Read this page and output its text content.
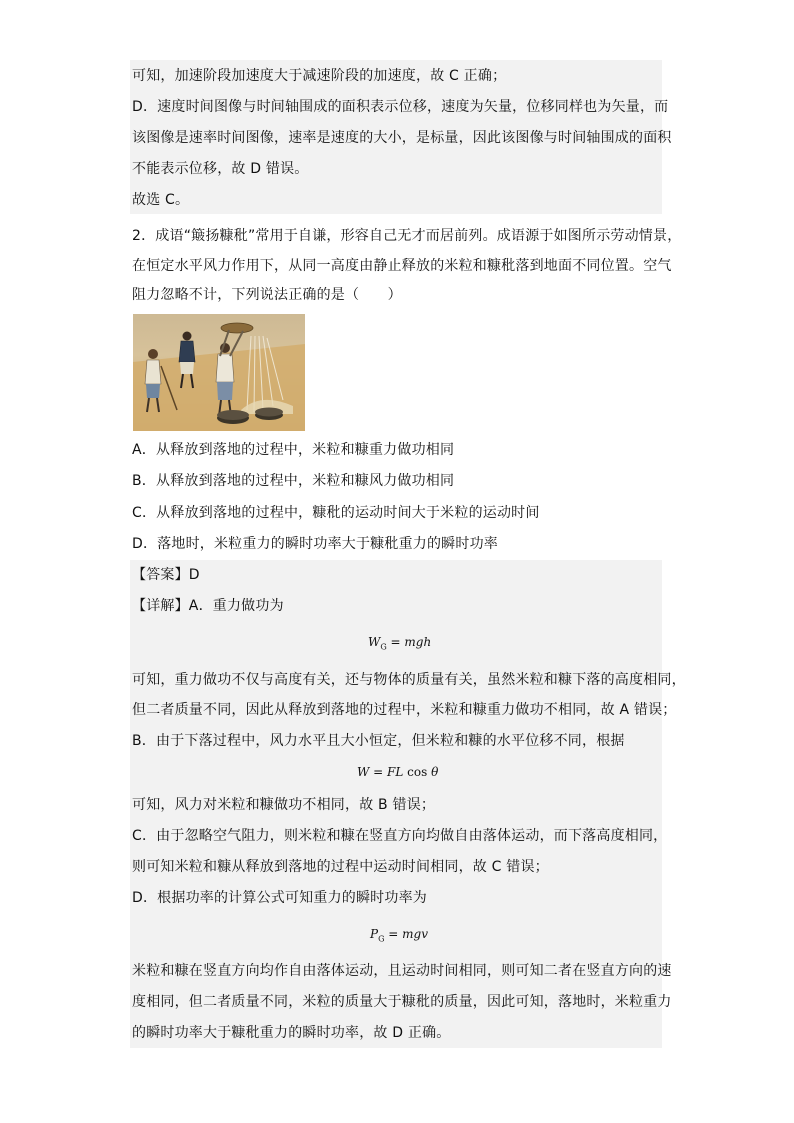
可知，加速阶段加速度大于减速阶段的加速度，故 C 正确；
D．速度时间图像与时间轴围成的面积表示位移，速度为矢量，位移同样也为矢量，而
该图像是速率时间图像，速率是速度的大小，是标量，因此该图像与时间轴围成的面积
不能表示位移，故 D 错误。
故选 C。
2．成语“簸扬糠秕”常用于自谦，形容自己无才而居前列。成语源于如图所示劳动情景，
在恒定水平风力作用下，从同一高度由静止释放的米粒和糠秕落到地面不同位置。空气
阻力忽略不计，下列说法正确的是（　　）
A．从释放到落地的过程中，米粒和糠重力做功相同
B．从释放到落地的过程中，米粒和糠风力做功相同
C．从释放到落地的过程中，糠秕的运动时间大于米粒的运动时间
D．落地时，米粒重力的瞬时功率大于糠秕重力的瞬时功率
【答案】D
【详解】A．重力做功为
$W_G$ = mgh
可知，重力做功不仅与高度有关，还与物体的质量有关，虽然米粒和糠下落的高度相同，
但二者质量不同，因此从释放到落地的过程中，米粒和糠重力做功不相同，故 A 错误；
B．由于下落过程中，风力水平且大小恒定，但米粒和糠的水平位移不同，根据
W = FL cos θ
可知，风力对米粒和糠做功不相同，故 B 错误；
C．由于忽略空气阻力，则米粒和糠在竖直方向均做自由落体运动，而下落高度相同，
则可知米粒和糠从释放到落地的过程中运动时间相同，故 C 错误；
D．根据功率的计算公式可知重力的瞬时功率为
$P_G$ = mgv
米粒和糠在竖直方向均作自由落体运动，且运动时间相同，则可知二者在竖直方向的速
度相同，但二者质量不同，米粒的质量大于糠秕的质量，因此可知，落地时，米粒重力
的瞬时功率大于糠秕重力的瞬时功率，故 D 正确。
